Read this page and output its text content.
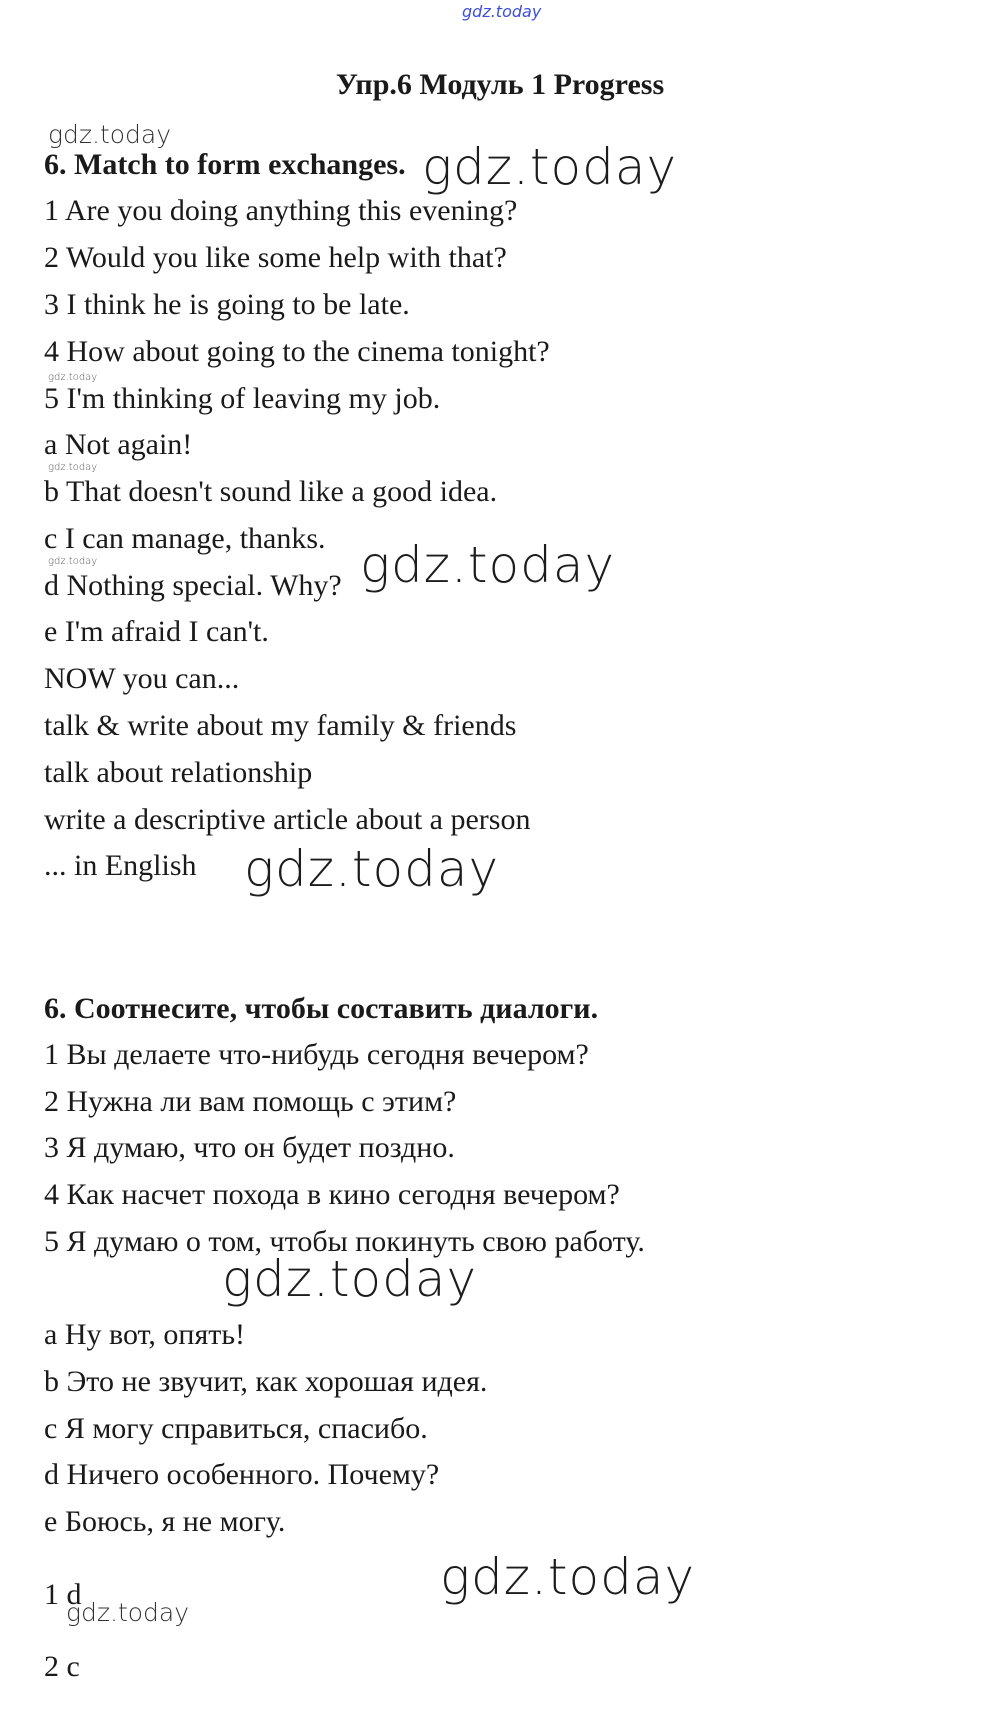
gdz.today
gdz.today
gdz.today
gdz.today
gdz.today
gdz.today	gdz.today
gdz.today
gdz.today
gdz.today
gdz.today
Упр.6 Модуль 1 Progress
6. Match to form exchanges.
1 Are you doing anything this evening?
2 Would you like some help with that?
3 I think he is going to be late.
4 How about going to the cinema tonight?
5 I'm thinking of leaving my job.
a Not again!
b That doesn't sound like a good idea.
c I can manage, thanks.
d Nothing special. Why?
e I'm afraid I can't.
NOW you can...
talk & write about my family & friends
talk about relationship
write a descriptive article about a person
... in English
6. Соотнесите, чтобы составить диалоги.
1 Вы делаете что-нибудь сегодня вечером?
2 Нужна ли вам помощь с этим?
3 Я думаю, что он будет поздно.
4 Как насчет похода в кино сегодня вечером?
5 Я думаю о том, чтобы покинуть свою работу.
a Ну вот, опять!
b Это не звучит, как хорошая идея.
c Я могу справиться, спасибо.
d Ничего особенного. Почему?
e Боюсь, я не могу.
1 d
2 c
